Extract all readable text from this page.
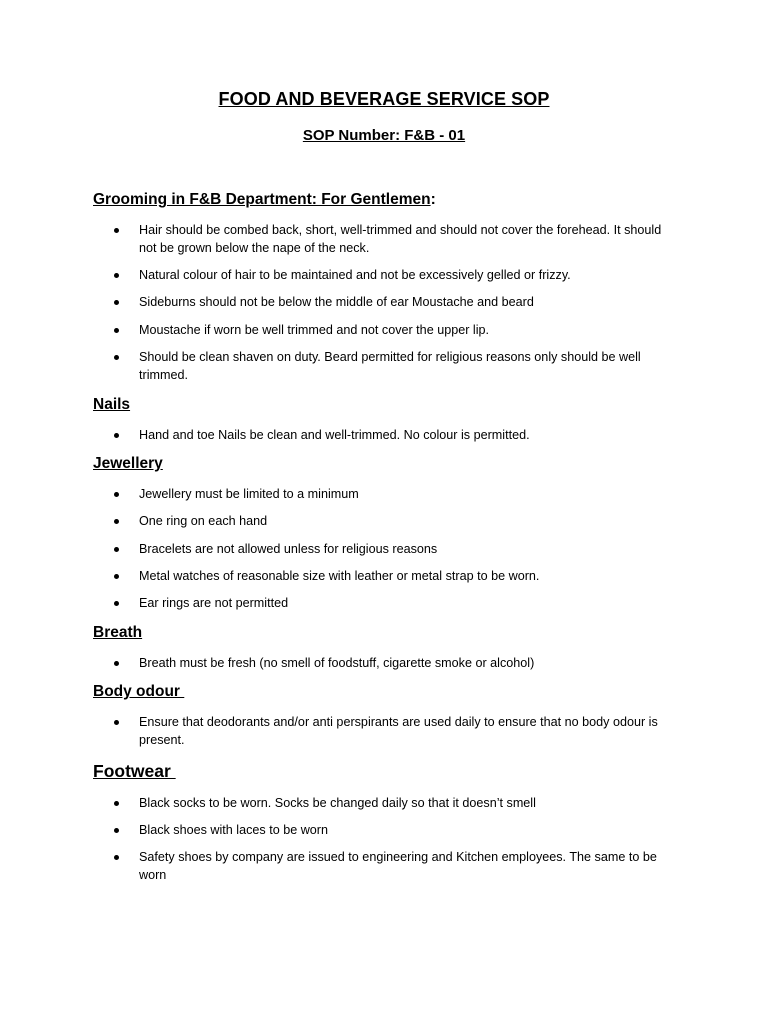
FOOD AND BEVERAGE SERVICE SOP
SOP Number: F&B - 01
Grooming in F&B Department: For Gentlemen:
Hair should be combed back, short, well-trimmed and should not cover the forehead. It should not be grown below the nape of the neck.
Natural colour of hair to be maintained and not be excessively gelled or frizzy.
Sideburns should not be below the middle of ear Moustache and beard
Moustache if worn be well trimmed and not cover the upper lip.
Should be clean shaven on duty. Beard permitted for religious reasons only should be well trimmed.
Nails
Hand and toe Nails be clean and well-trimmed. No colour is permitted.
Jewellery
Jewellery must be limited to a minimum
One ring on each hand
Bracelets are not allowed unless for religious reasons
Metal watches of reasonable size with leather or metal strap to be worn.
Ear rings are not permitted
Breath
Breath must be fresh (no smell of foodstuff, cigarette smoke or alcohol)
Body odour
Ensure that deodorants and/or anti perspirants are used daily to ensure that no body odour is present.
Footwear
Black socks to be worn. Socks be changed daily so that it doesn’t smell
Black shoes with laces to be worn
Safety shoes by company are issued to engineering and Kitchen employees. The same to be worn
